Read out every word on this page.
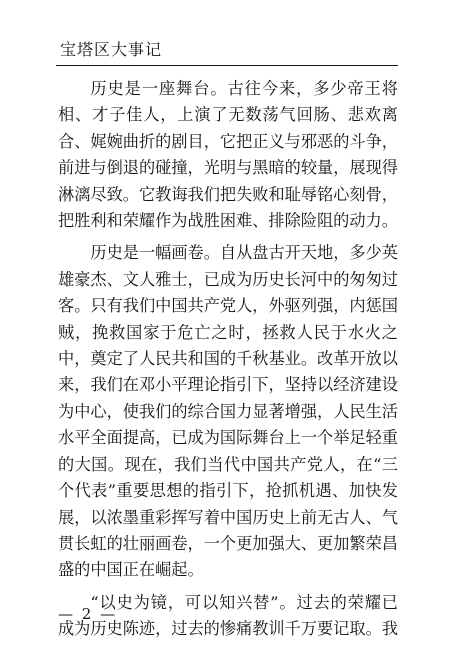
宝塔区大事记

历史是一座舞台。古往今来，多少帝王将相、才子佳人，上演了无数荡气回肠、悲欢离合、娓婉曲折的剧目，它把正义与邪恶的斗争，前进与倒退的碰撞，光明与黑暗的较量，展现得淋漓尽致。它教诲我们把失败和耻辱铭心刻骨，把胜利和荣耀作为战胜困难、排除险阻的动力。

历史是一幅画卷。自从盘古开天地，多少英雄豪杰、文人雅士，已成为历史长河中的匆匆过客。只有我们中国共产党人，外驱列强，内惩国贼，挽救国家于危亡之时，拯救人民于水火之中，奠定了人民共和国的千秋基业。改革开放以来，我们在邓小平理论指引下，坚持以经济建设为中心，使我们的综合国力显著增强，人民生活水平全面提高，已成为国际舞台上一个举足轻重的大国。现在，我们当代中国共产党人，在“三个代表”重要思想的指引下，抢抓机遇、加快发展，以浓墨重彩挥写着中国历史上前无古人、气贯长虹的壮丽画卷，一个更加强大、更加繁荣昌盛的中国正在崛起。

“以史为镜，可以知兴替”。过去的荣耀已成为历史陈迹，过去的惨痛教训千万要记取。我

— 2 —
